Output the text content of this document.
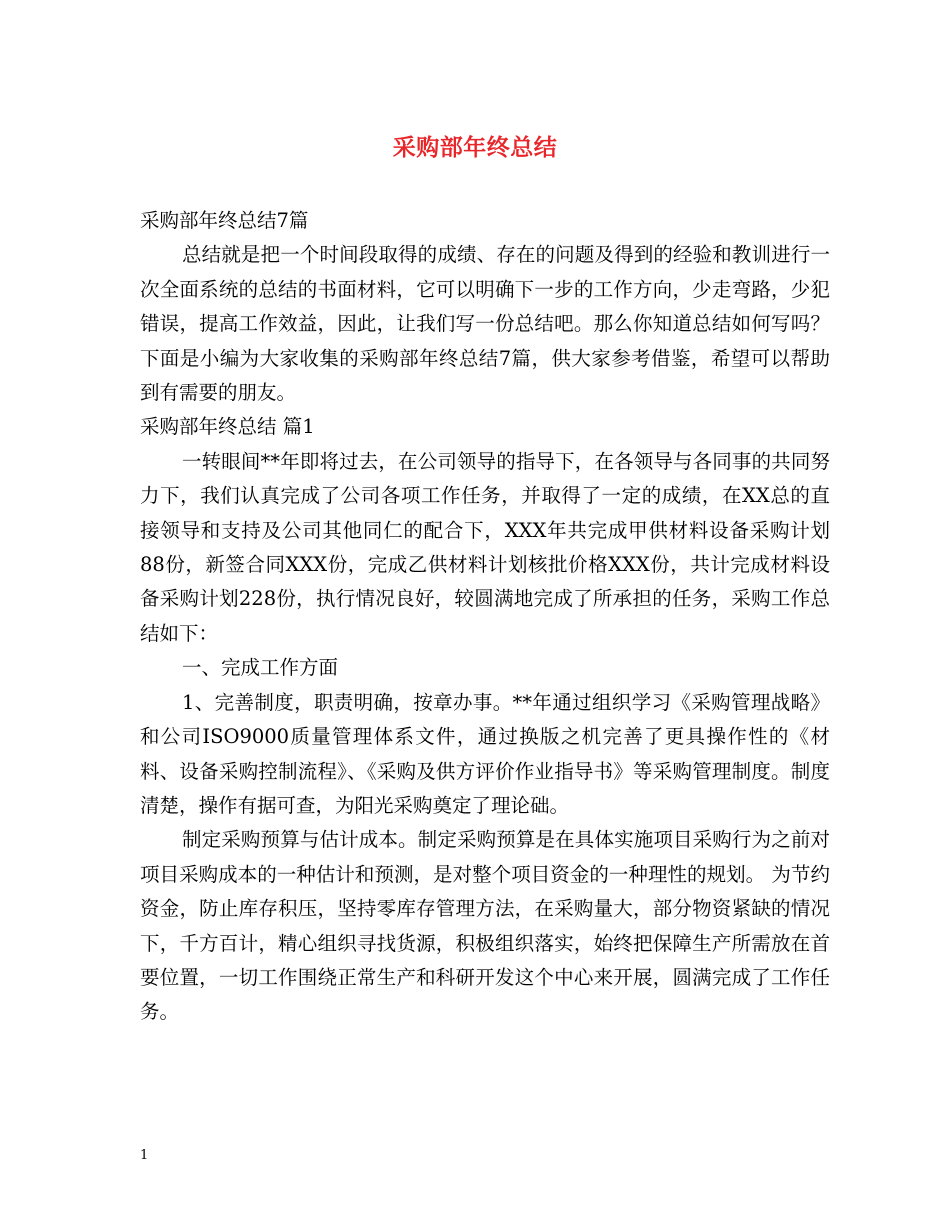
采购部年终总结

采购部年终总结7篇

总结就是把一个时间段取得的成绩、存在的问题及得到的经验和教训进行一次全面系统的总结的书面材料，它可以明确下一步的工作方向，少走弯路，少犯错误，提高工作效益，因此，让我们写一份总结吧。那么你知道总结如何写吗？下面是小编为大家收集的采购部年终总结7篇，供大家参考借鉴，希望可以帮助到有需要的朋友。

采购部年终总结 篇1

一转眼间**年即将过去，在公司领导的指导下，在各领导与各同事的共同努力下，我们认真完成了公司各项工作任务，并取得了一定的成绩，在XX总的直接领导和支持及公司其他同仁的配合下，XXX年共完成甲供材料设备采购计划88份，新签合同XXX份，完成乙供材料计划核批价格XXX份，共计完成材料设备采购计划228份，执行情况良好，较圆满地完成了所承担的任务，采购工作总结如下：

一、完成工作方面

1、完善制度，职责明确，按章办事。**年通过组织学习《采购管理战略》和公司ISO9000质量管理体系文件，通过换版之机完善了更具操作性的《材料、设备采购控制流程》、《采购及供方评价作业指导书》等采购管理制度。制度清楚，操作有据可查，为阳光采购奠定了理论础。

制定采购预算与估计成本。制定采购预算是在具体实施项目采购行为之前对项目采购成本的一种估计和预测，是对整个项目资金的一种理性的规划。 为节约资金，防止库存积压，坚持零库存管理方法，在采购量大，部分物资紧缺的情况下，千方百计，精心组织寻找货源，积极组织落实，始终把保障生产所需放在首要位置，一切工作围绕正常生产和科研开发这个中心来开展，圆满完成了工作任务。

1
